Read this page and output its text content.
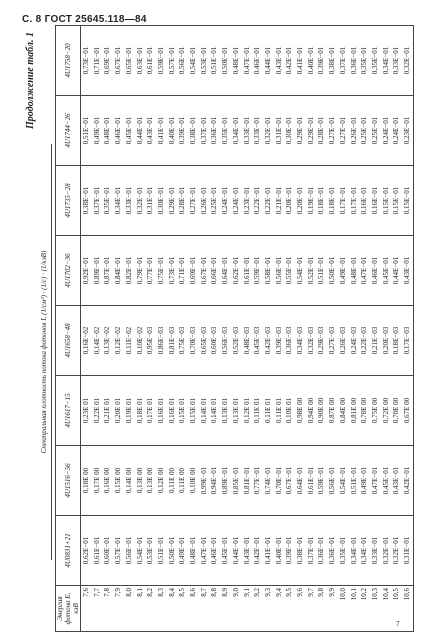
С. 8 ГОСТ 25645.118—84
Продолжение табл. 1
Спектральная плотность потока фотонов I, (1/см²) · (1/с) · (1/кэВ)
Энергия фотона E, кэВ	4U0831+21	4U1516−56	4U1617−15	4U1658−48	4U1702−36	4U1735−28	4U1744−26	4U1758−20
7,6	0,62E−01	0,18E 00	0,23E 01	0,16E−02	0,92E−01	0,38E−01	0,51E−01	0,73E−01
7,7	0,61E−01	0,17E 00	0,22E 01	0,14E−02	0,89E−01	0,37E−01	0,49E−01	0,71E−01
7,8	0,60E−01	0,16E 00	0,21E 01	0,13E−02	0,87E−01	0,35E−01	0,48E−01	0,69E−01
7,9	0,57E−01	0,15E 00	0,20E 01	0,12E−02	0,84E−01	0,34E−01	0,46E−01	0,67E−01
8,0	0,56E−01	0,14E 00	0,19E 01	0,11E−02	0,82E−01	0,33E−01	0,45E−01	0,65E−01
8,1	0,54E−01	0,13E 00	0,18E 01	0,10E−02	0,79E−01	0,32E−01	0,44E−01	0,63E−01
8,2	0,53E−01	0,13E 00	0,17E 01	0,95E−03	0,77E−01	0,31E−01	0,43E−01	0,61E−01
8,3	0,51E−01	0,12E 00	0,16E 01	0,86E−03	0,75E−01	0,30E−01	0,41E−01	0,59E−01
8,4	0,50E−01	0,11E 00	0,16E 01	0,81E−03	0,73E−01	0,29E−01	0,40E−01	0,57E−01
8,5	0,49E−01	0,11E 00	0,15E 01	0,75E−03	0,71E−01	0,28E−01	0,39E−01	0,56E−01
8,6	0,48E−01	0,10E 00	0,15E 01	0,70E−03	0,69E−01	0,27E−01	0,38E−01	0,54E−01
8,7	0,47E−01	0,99E−01	0,14E 01	0,65E−03	0,67E−01	0,26E−01	0,37E−01	0,53E−01
8,8	0,46E−01	0,94E−01	0,14E 01	0,60E−03	0,66E−01	0,25E−01	0,36E−01	0,51E−01
8,9	0,45E−01	0,89E−01	0,13E 01	0,56E−03	0,64E−01	0,24E−01	0,35E−01	0,50E−01
9,0	0,44E−01	0,85E−01	0,13E 01	0,52E−03	0,62E−01	0,24E−01	0,34E−01	0,48E−01
9,1	0,43E−01	0,81E−01	0,12E 01	0,48E−03	0,61E−01	0,23E−01	0,33E−01	0,47E−01
9,2	0,42E−01	0,77E−01	0,11E 01	0,45E−03	0,59E−01	0,22E−01	0,33E−01	0,46E−01
9,3	0,41E−01	0,74E−01	0,11E 01	0,42E−03	0,58E−01	0,22E−01	0,32E−01	0,44E−01
9,4	0,40E−01	0,70E−01	0,11E 01	0,39E−03	0,56E−01	0,21E−01	0,31E−01	0,43E−01
9,5	0,39E−01	0,67E−01	0,10E 01	0,36E−03	0,55E−01	0,20E−01	0,30E−01	0,42E−01
9,6	0,38E−01	0,64E−01	0,98E 00	0,34E−03	0,54E−01	0,20E−01	0,29E−01	0,41E−01
9,7	0,37E−01	0,61E−01	0,94E 00	0,32E−03	0,52E−01	0,19E−01	0,29E−01	0,40E−01
9,8	0,36E−01	0,59E−01	0,90E 00	0,29E−03	0,51E−01	0,18E−01	0,28E−01	0,39E−01
9,9	0,36E−01	0,56E−01	0,87E 00	0,27E−03	0,50E−01	0,18E−01	0,27E−01	0,38E−01
10,0	0,35E−01	0,54E−01	0,84E 00	0,26E−03	0,49E−01	0,17E−01	0,27E−01	0,37E−01
10,1	0,34E−01	0,51E−01	0,81E 00	0,24E−03	0,48E−01	0,17E−01	0,26E−01	0,36E−01
10,2	0,34E−01	0,49E−01	0,78E 00	0,22E−03	0,47E−01	0,16E−01	0,25E−01	0,35E−01
10,3	0,33E−01	0,47E−01	0,75E 00	0,21E−03	0,46E−01	0,16E−01	0,25E−01	0,35E−01
10,4	0,32E−01	0,45E−01	0,72E 00	0,20E−03	0,45E−01	0,15E−01	0,24E−01	0,34E−01
10,5	0,32E−01	0,43E−01	0,70E 00	0,18E−03	0,44E−01	0,15E−01	0,24E−01	0,33E−01
10,6	0,31E−01	0,42E−01	0,67E 00	0,17E−03	0,43E−01	0,15E−01	0,23E−01	0,32E−01
7
